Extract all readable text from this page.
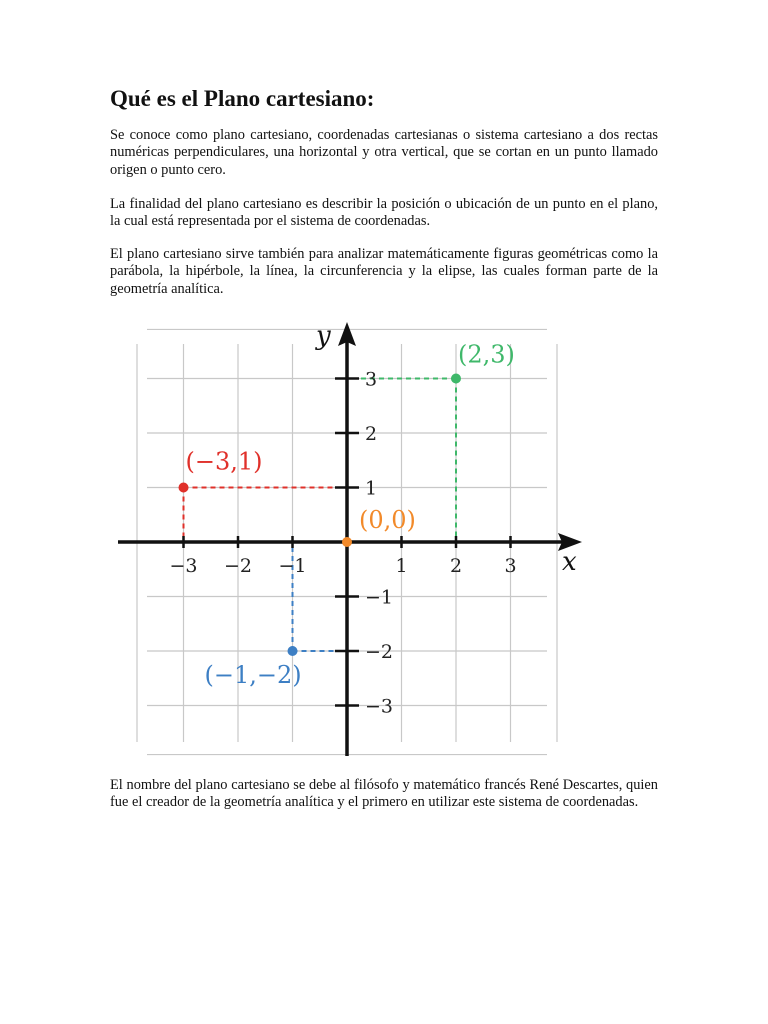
Qué es el Plano cartesiano:

Se conoce como plano cartesiano, coordenadas cartesianas o sistema cartesiano a dos rectas numéricas perpendiculares, una horizontal y otra vertical, que se cortan en un punto llamado origen o punto cero.

La finalidad del plano cartesiano es describir la posición o ubicación de un punto en el plano, la cual está representada por el sistema de coordenadas.

El plano cartesiano sirve también para analizar matemáticamente figuras geométricas como la parábola, la hipérbole, la línea, la circunferencia y la elipse, las cuales forman parte de la geometría analítica.

x
y
−3 −2 −1	1 2 3
−3
−2
−1
1
2
3
(2,3)
(−3,1)
(0,0)
(−1,−2)

El nombre del plano cartesiano se debe al filósofo y matemático francés René Descartes, quien fue el creador de la geometría analítica y el primero en utilizar este sistema de coordenadas.
